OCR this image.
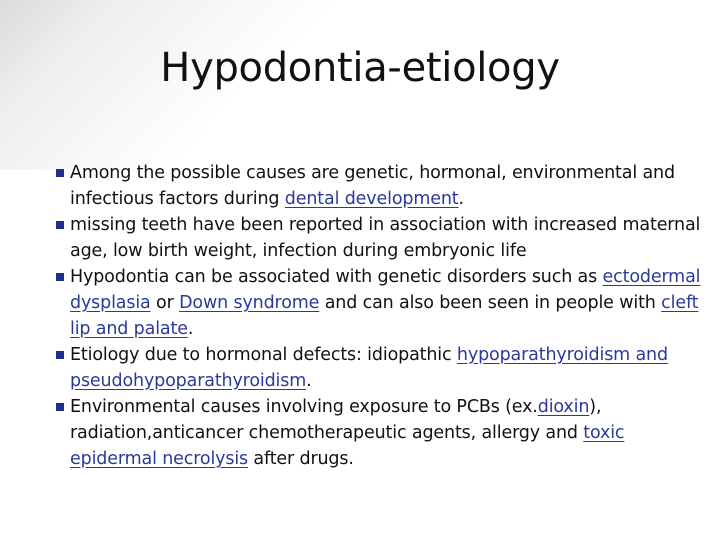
Hypodontia-etiology
Among the possible causes are genetic, hormonal, environmental and infectious factors during dental development.
missing teeth have been reported in association with increased maternal age, low birth weight, infection during embryonic life
Hypodontia can be associated with genetic disorders such as ectodermal dysplasia or Down syndrome and can also been seen in people with cleft lip and palate.
Etiology due to hormonal defects: idiopathic hypoparathyroidism and pseudohypoparathyroidism.
Environmental causes involving exposure to PCBs (ex.dioxin), radiation,anticancer chemotherapeutic agents, allergy and toxic epidermal necrolysis after drugs.
